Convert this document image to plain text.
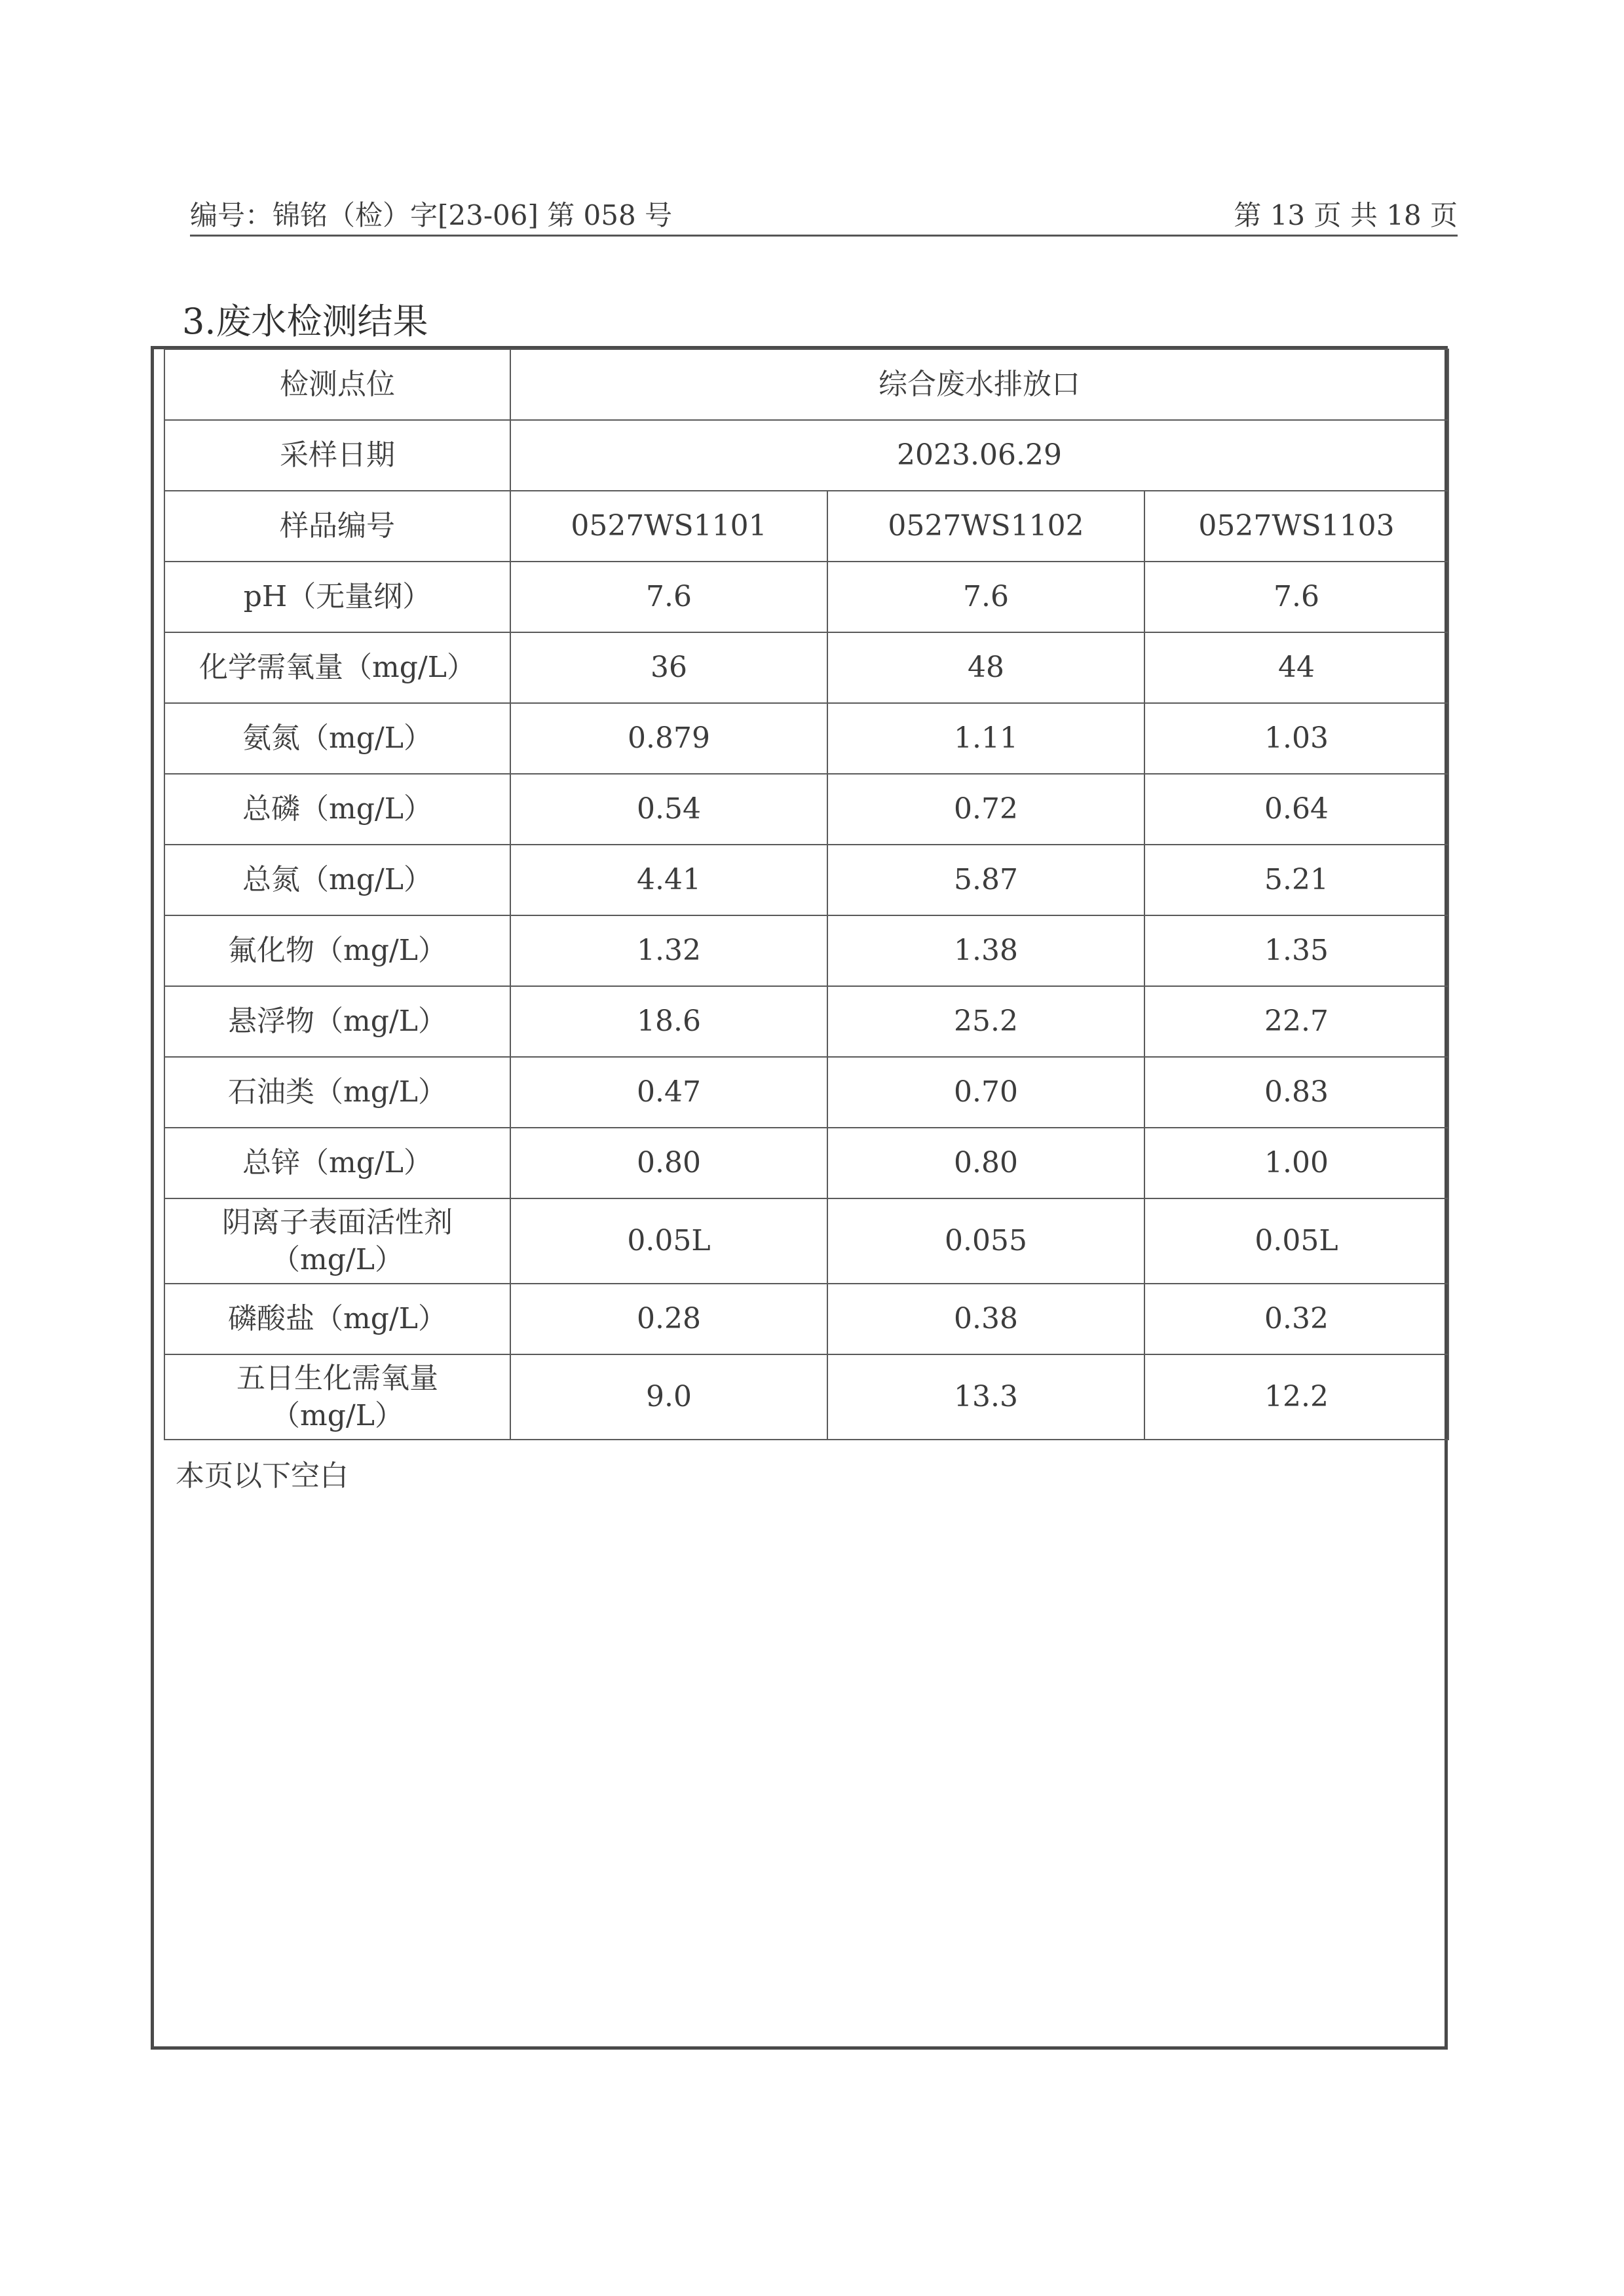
编号：锦铭（检）字[23-06] 第 058 号	第 13 页 共 18 页
3.废水检测结果
检测点位	综合废水排放口		
采样日期	2023.06.29		
样品编号	0527WS1101	0527WS1102	0527WS1103
pH（无量纲）	7.6	7.6	7.6
化学需氧量（mg/L）	36	48	44
氨氮（mg/L）	0.879	1.11	1.03
总磷（mg/L）	0.54	0.72	0.64
总氮（mg/L）	4.41	5.87	5.21
氟化物（mg/L）	1.32	1.38	1.35
悬浮物（mg/L）	18.6	25.2	22.7
石油类（mg/L）	0.47	0.70	0.83
总锌（mg/L）	0.80	0.80	1.00
阴离子表面活性剂
（mg/L）	0.05L	0.055	0.05L
磷酸盐（mg/L）	0.28	0.38	0.32
五日生化需氧量
（mg/L）	9.0	13.3	12.2
本页以下空白
